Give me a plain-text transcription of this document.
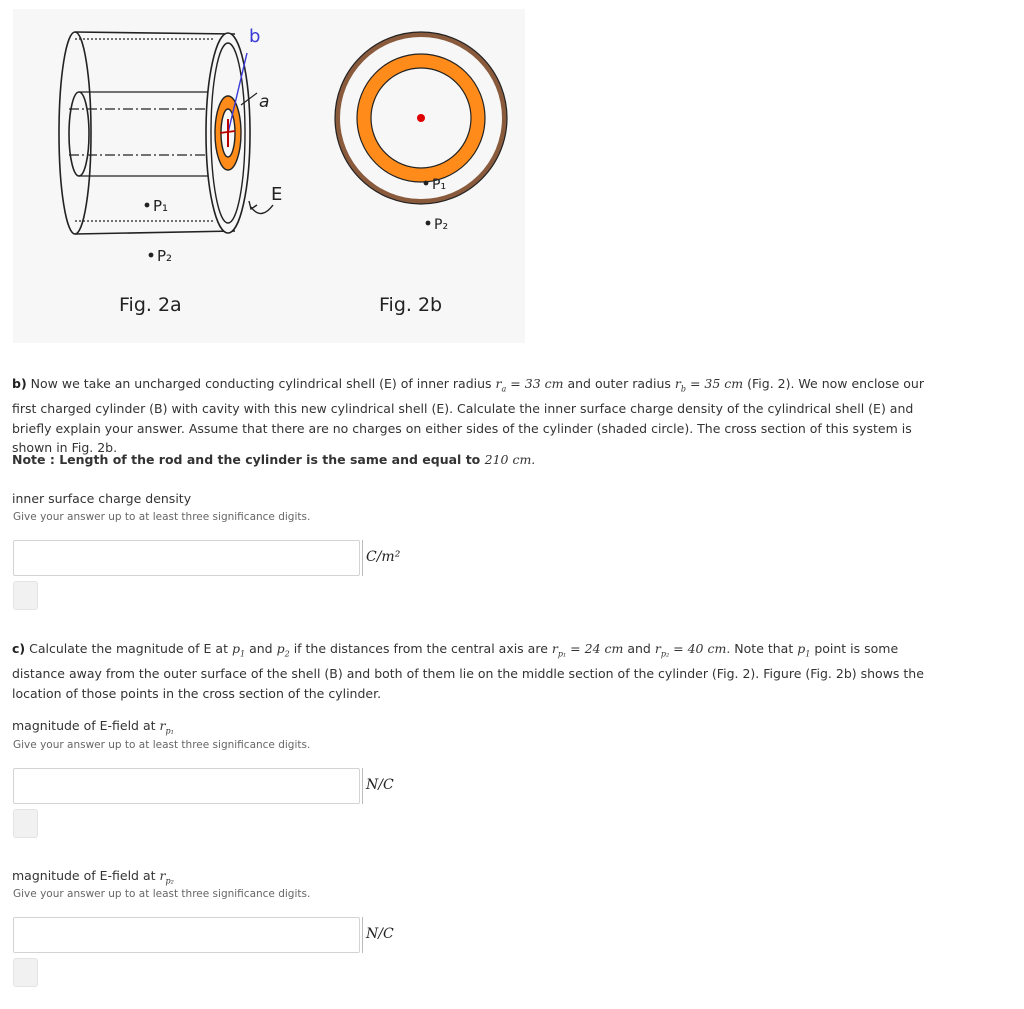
b
a
E
P₁
P₂
Fig. 2a
P₁
P₂
Fig. 2b
b) Now we take an uncharged conducting cylindrical shell (E) of inner radius $r_a = 33$ cm and outer radius $r_b = 35$ cm (Fig. 2). We now enclose our first charged cylinder (B) with cavity with this new cylindrical shell (E). Calculate the inner surface charge density of the cylindrical shell (E) and briefly explain your answer. Assume that there are no charges on either sides of the cylinder (shaded circle). The cross section of this system is shown in Fig. 2b.
Note : Length of the rod and the cylinder is the same and equal to 210 cm.
inner surface charge density
Give your answer up to at least three significance digits.
C/m²
c) Calculate the magnitude of E at $p_1$ and $p_2$ if the distances from the central axis are $r_{p_1} = 24$ cm and $r_{p_2} = 40$ cm. Note that $p_1$ point is some distance away from the outer surface of the shell (B) and both of them lie on the middle section of the cylinder (Fig. 2). Figure (Fig. 2b) shows the location of those points in the cross section of the cylinder.
magnitude of E-field at $r_{p_1}$
Give your answer up to at least three significance digits.
N/C
magnitude of E-field at $r_{p_2}$
Give your answer up to at least three significance digits.
N/C
